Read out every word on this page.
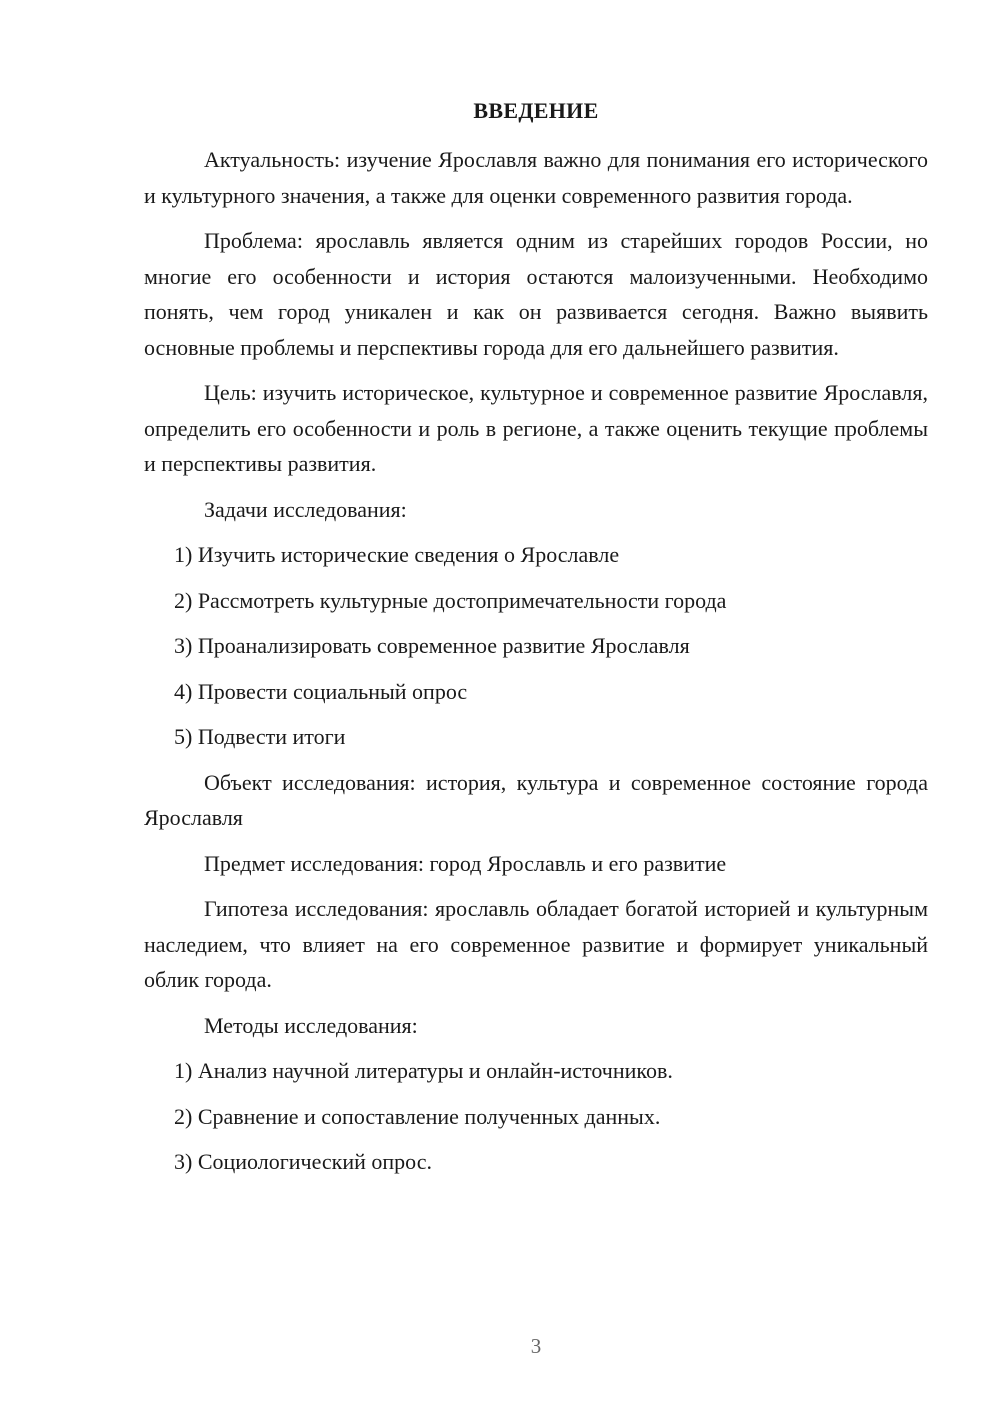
ВВЕДЕНИЕ

Актуальность: изучение Ярославля важно для понимания его исторического и культурного значения, а также для оценки современного развития города.

Проблема: ярославль является одним из старейших городов России, но многие его особенности и история остаются малоизученными. Необходимо понять, чем город уникален и как он развивается сегодня. Важно выявить основные проблемы и перспективы города для его дальнейшего развития.

Цель: изучить историческое, культурное и современное развитие Ярославля, определить его особенности и роль в регионе, а также оценить текущие проблемы и перспективы развития.

Задачи исследования:

1) Изучить исторические сведения о Ярославле

2) Рассмотреть культурные достопримечательности города

3) Проанализировать современное развитие Ярославля

4) Провести социальный опрос

5) Подвести итоги

Объект исследования: история, культура и современное состояние города Ярославля

Предмет исследования: город Ярославль и его развитие

Гипотеза исследования: ярославль обладает богатой историей и культурным наследием, что влияет на его современное развитие и формирует уникальный облик города.

Методы исследования:

1) Анализ научной литературы и онлайн-источников.

2) Сравнение и сопоставление полученных данных.

3) Социологический опрос.

3
